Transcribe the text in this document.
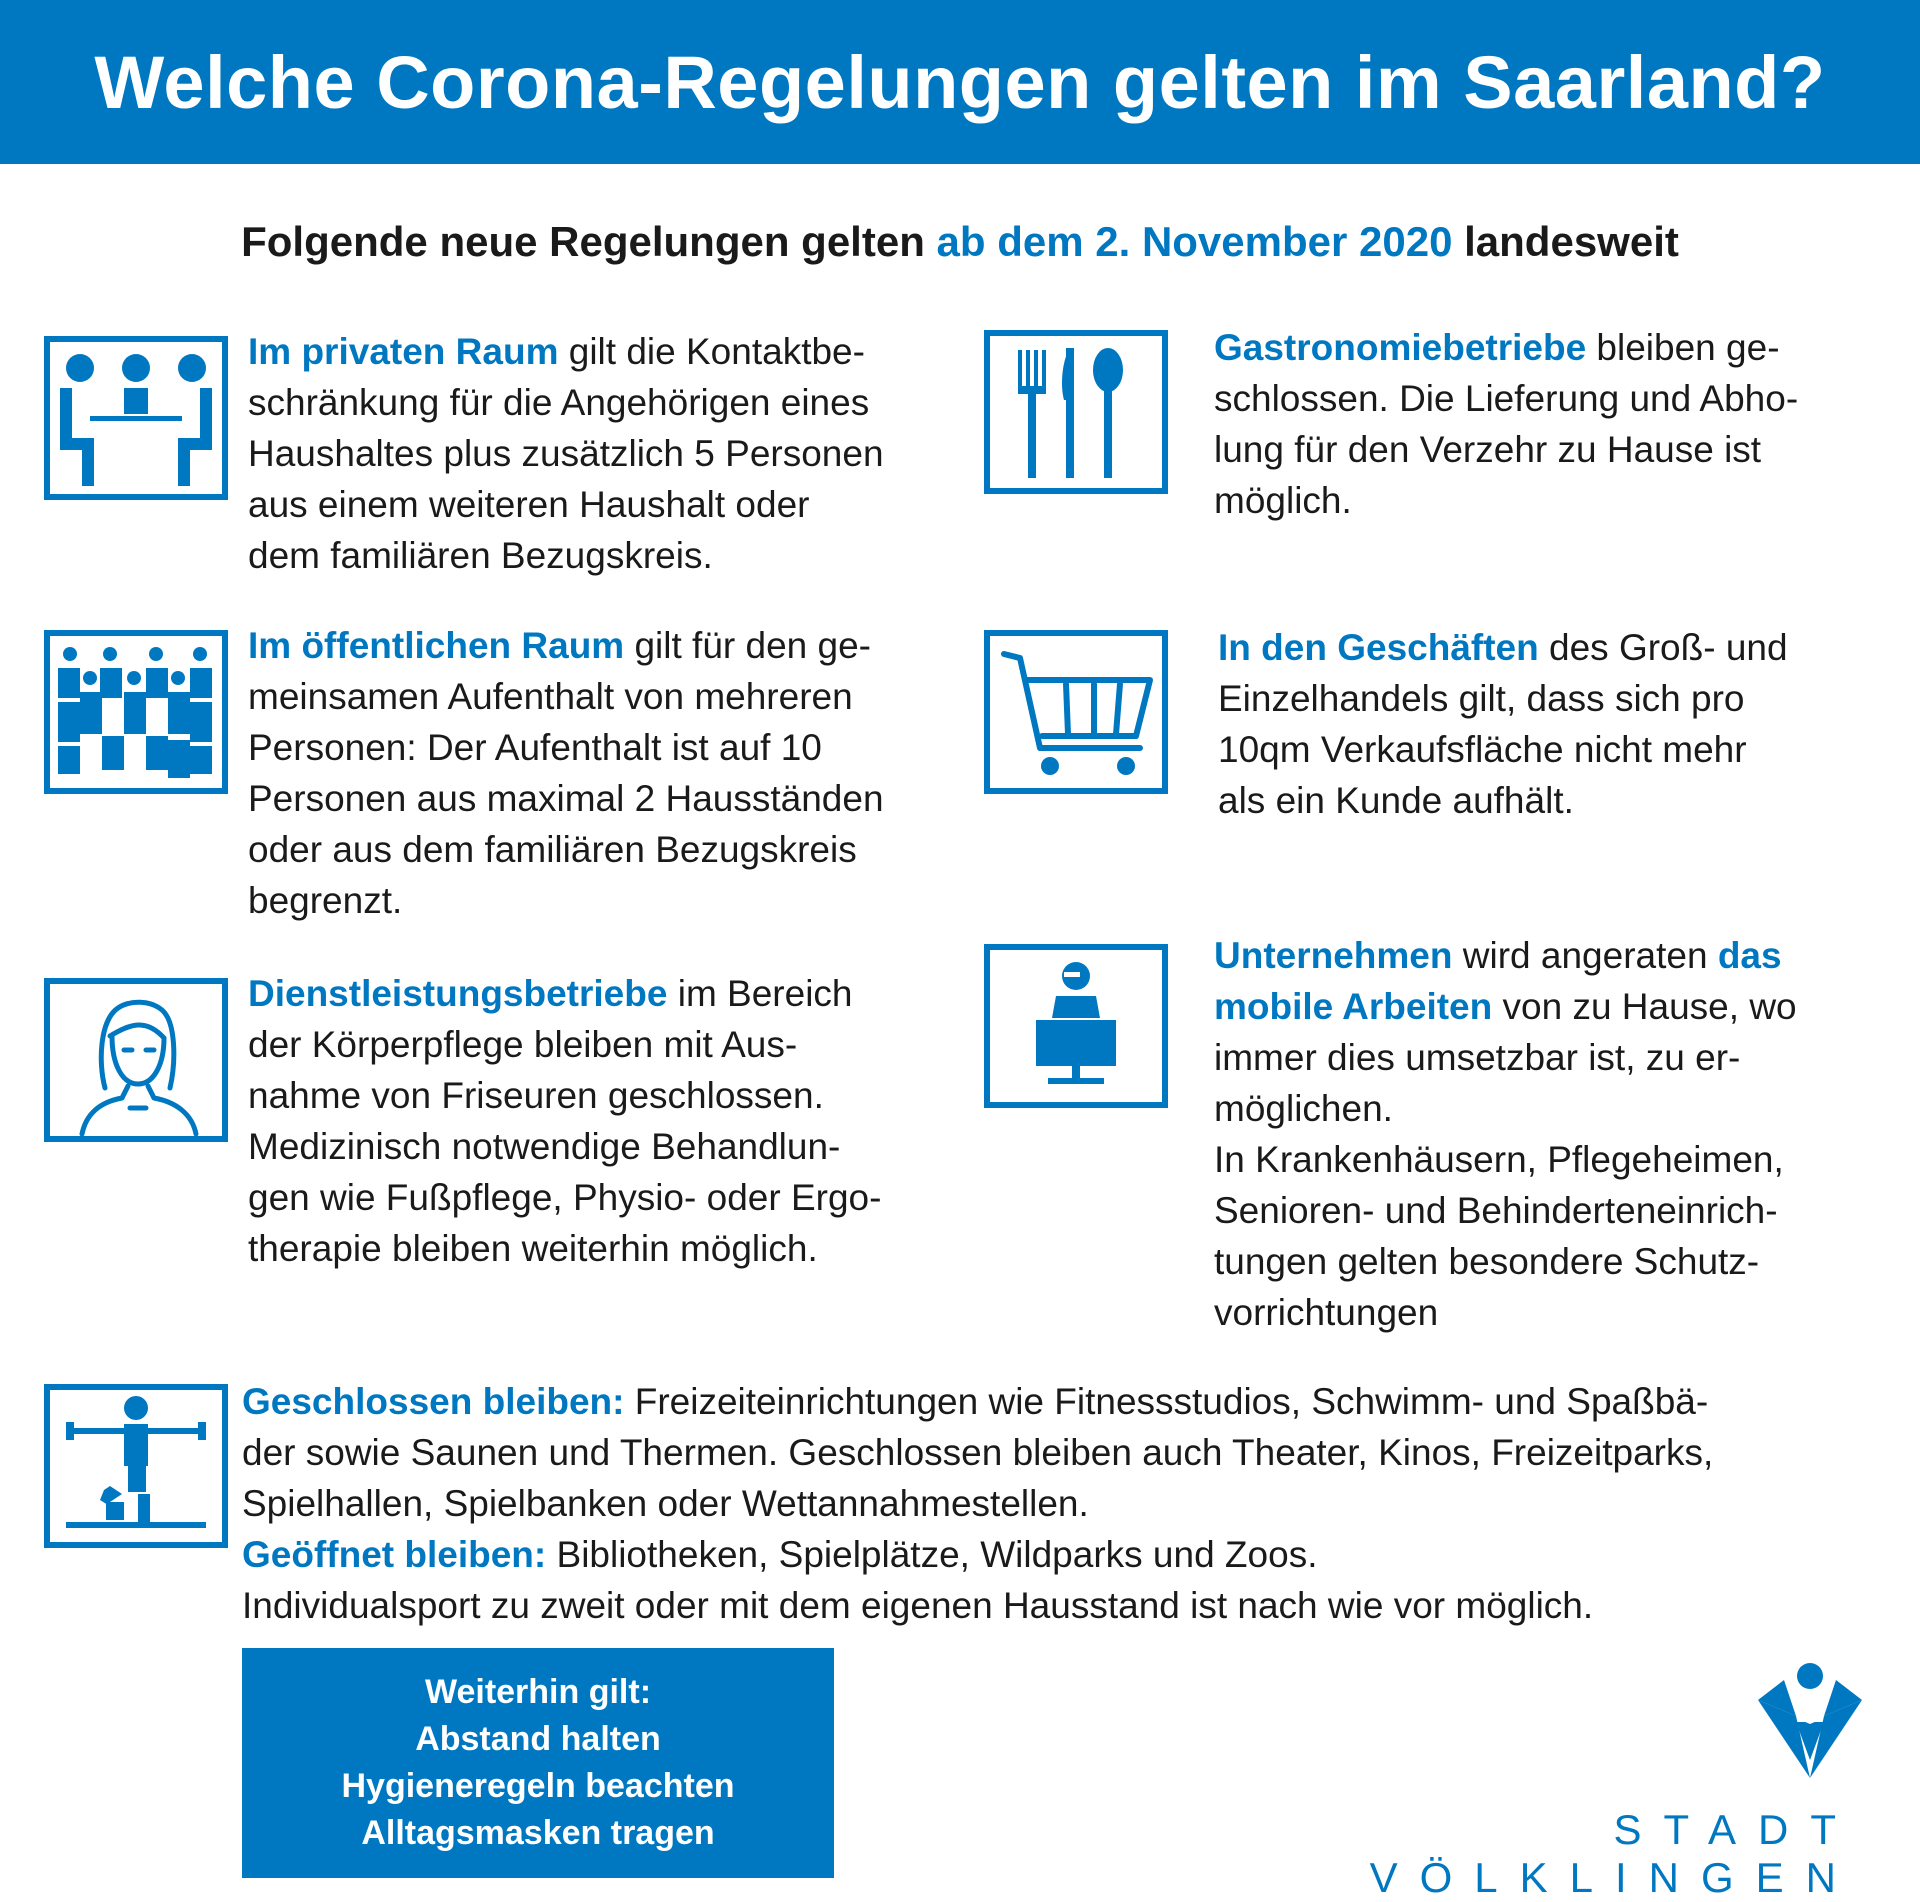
Welche Corona-Regelungen gelten im Saarland?
Folgende neue Regelungen gelten ab dem 2. November 2020 landesweit
Im privaten Raum gilt die Kontaktbe-
schränkung für die Angehörigen eines
Haushaltes plus zusätzlich 5 Personen
aus einem weiteren Haushalt oder
dem familiären Bezugskreis.
Im öffentlichen Raum gilt für den ge-
meinsamen Aufenthalt von mehreren
Personen: Der Aufenthalt ist auf 10
Personen aus maximal 2 Hausständen
oder aus dem familiären Bezugskreis
begrenzt.
Dienstleistungsbetriebe im Bereich
der Körperpflege bleiben mit Aus-
nahme von Friseuren geschlossen.
Medizinisch notwendige Behandlun-
gen wie Fußpflege, Physio- oder Ergo-
therapie bleiben weiterhin möglich.
Gastronomiebetriebe bleiben ge-
schlossen. Die Lieferung und Abho-
lung für den Verzehr zu Hause ist
möglich.
In den Geschäften des Groß- und
Einzelhandels gilt, dass sich pro
10qm Verkaufsfläche nicht mehr
als ein Kunde aufhält.
Unternehmen wird angeraten das
mobile Arbeiten von zu Hause, wo
immer dies umsetzbar ist, zu er-
möglichen.
In Krankenhäusern, Pflegeheimen,
Senioren- und Behinderteneinrich-
tungen gelten besondere Schutz-
vorrichtungen
Geschlossen bleiben: Freizeiteinrichtungen wie Fitnessstudios, Schwimm- und Spaßbä-
der sowie Saunen und Thermen. Geschlossen bleiben auch Theater, Kinos, Freizeitparks,
Spielhallen, Spielbanken oder Wettannahmestellen.
Geöffnet bleiben: Bibliotheken, Spielplätze, Wildparks und Zoos.
Individualsport zu zweit oder mit dem eigenen Hausstand ist nach wie vor möglich.
Weiterhin gilt:
Abstand halten
Hygieneregeln beachten
Alltagsmasken tragen	STADT VÖLKLINGEN
